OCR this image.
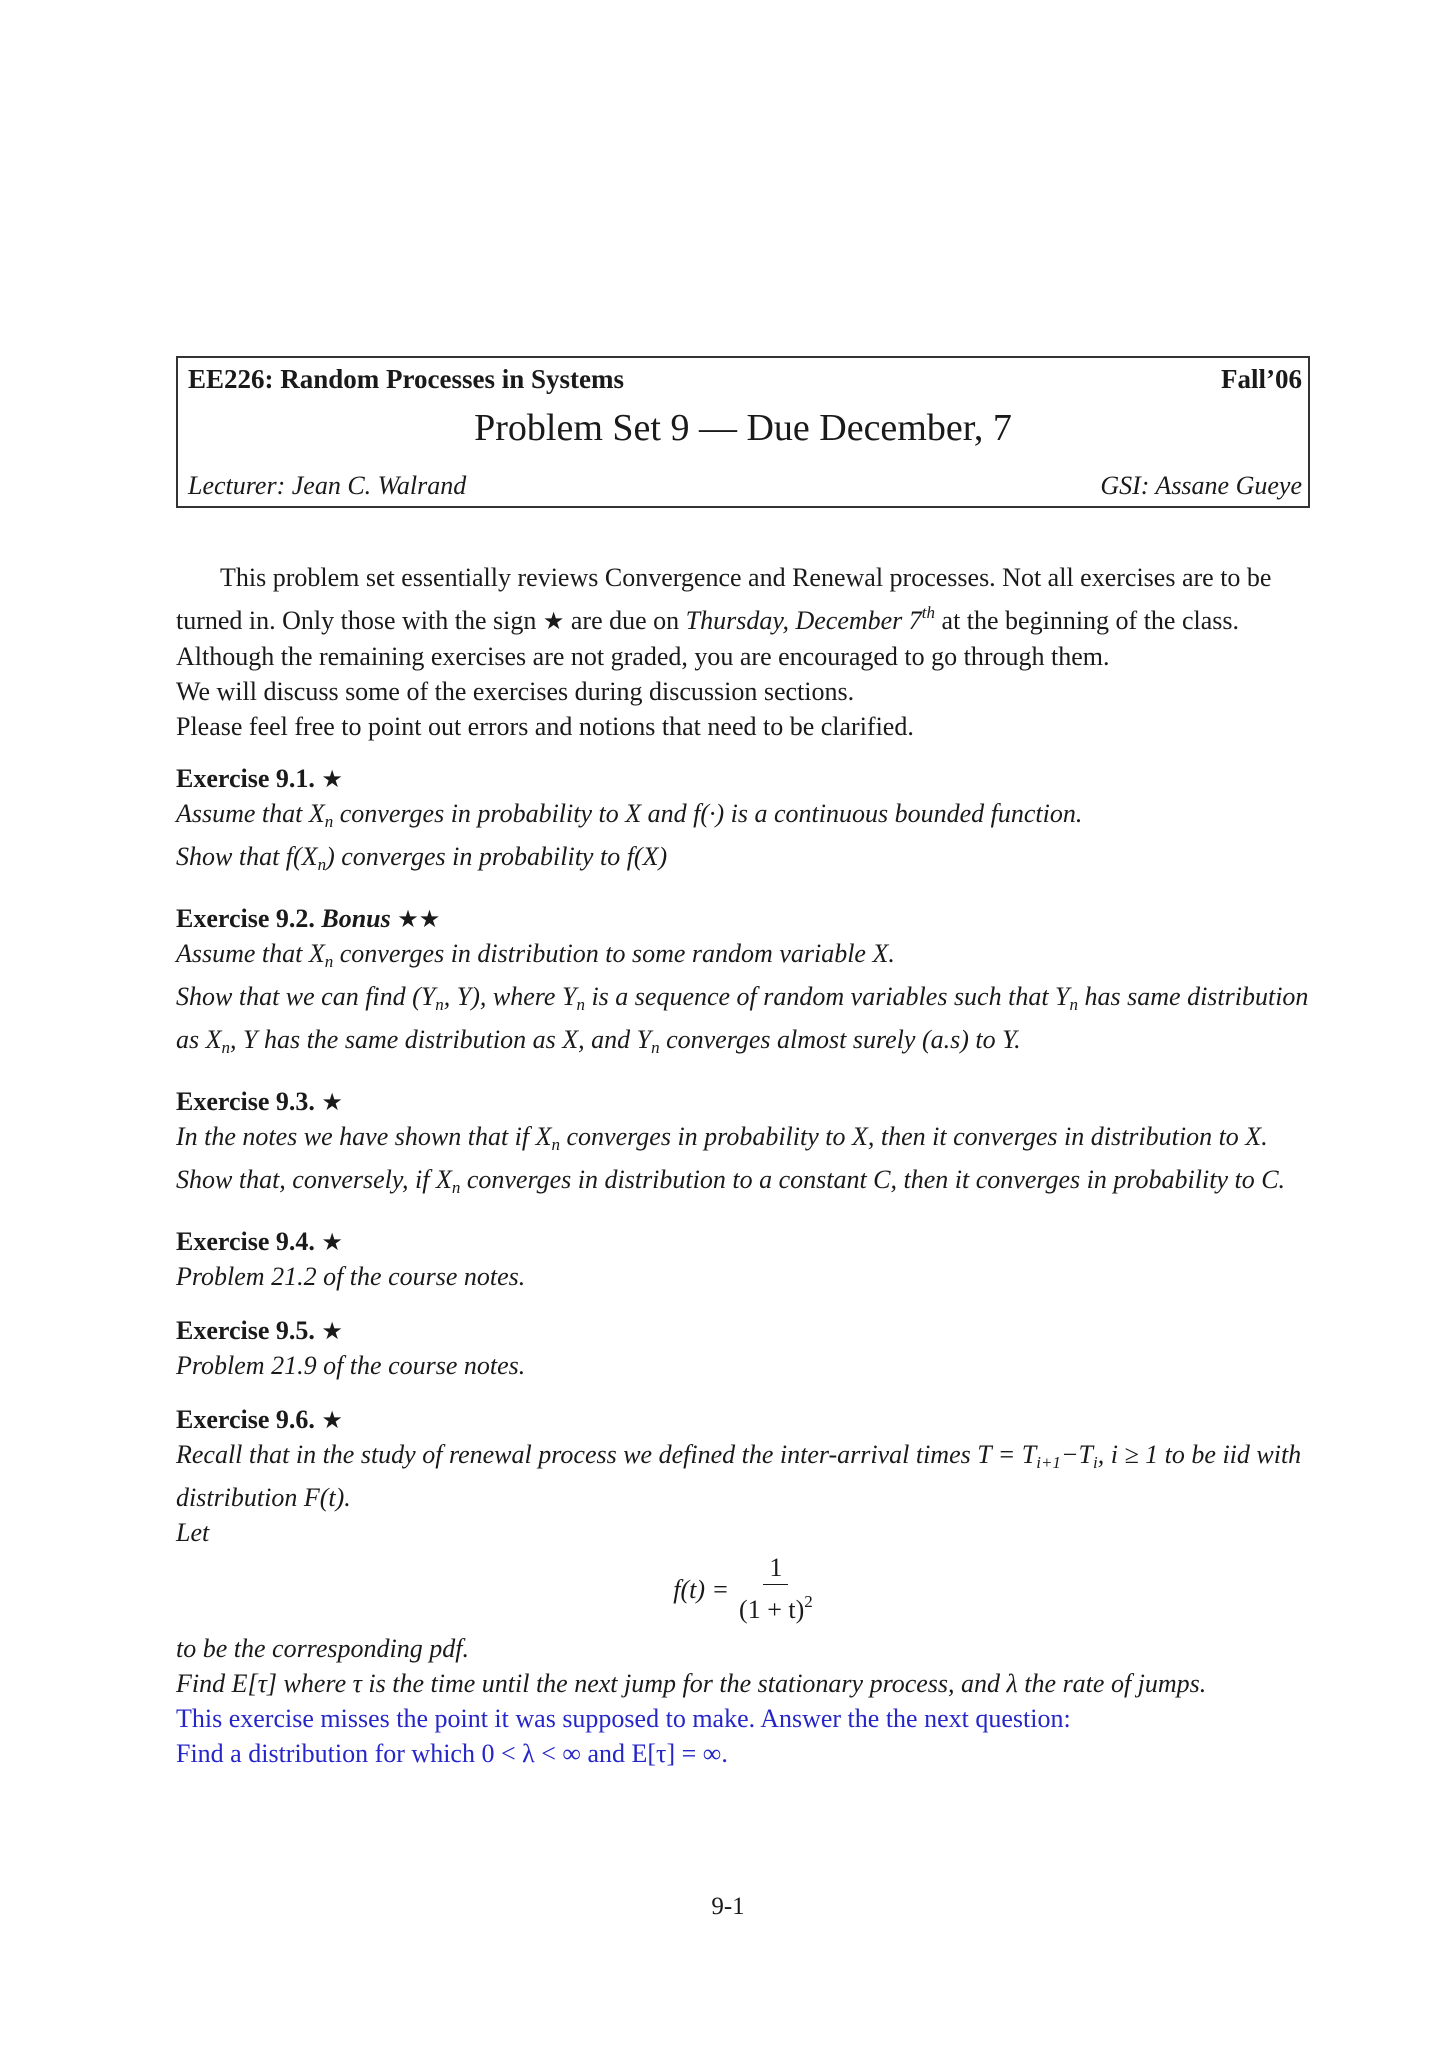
EE226: Random Processes in Systems	Fall’06
Problem Set 9 — Due December, 7
Lecturer: Jean C. Walrand	GSI: Assane Gueye

This problem set essentially reviews Convergence and Renewal processes. Not all exercises are to be turned in. Only those with the sign ★ are due on Thursday, December 7th at the beginning of the class. Although the remaining exercises are not graded, you are encouraged to go through them.

We will discuss some of the exercises during discussion sections.

Please feel free to point out errors and notions that need to be clarified.

Exercise 9.1. ★

Assume that $X_n$ converges in probability to X and f(·) is a continuous bounded function.

Show that $f(X_n)$ converges in probability to f(X)

Exercise 9.2. Bonus ★★

Assume that $X_n$ converges in distribution to some random variable X.

Show that we can find ($Y_n$, Y), where $Y_n$ is a sequence of random variables such that $Y_n$ has same distribution as $X_n$, Y has the same distribution as X, and $Y_n$ converges almost surely (a.s) to Y.

Exercise 9.3. ★

In the notes we have shown that if $X_n$ converges in probability to X, then it converges in distribution to X.

Show that, conversely, if $X_n$ converges in distribution to a constant C, then it converges in probability to C.

Exercise 9.4. ★

Problem 21.2 of the course notes.

Exercise 9.5. ★

Problem 21.9 of the course notes.

Exercise 9.6. ★

Recall that in the study of renewal process we defined the inter-arrival times $T = T_{i+1}-T_i$, i ≥ 1 to be iid with distribution F(t).

Let

$f(t) = \frac{1}{(1 + t)^2}$

to be the corresponding pdf.

Find E[τ] where τ is the time until the next jump for the stationary process, and λ the rate of jumps.

This exercise misses the point it was supposed to make. Answer the the next question:

Find a distribution for which 0 < λ < ∞ and E[τ] = ∞.

9-1
